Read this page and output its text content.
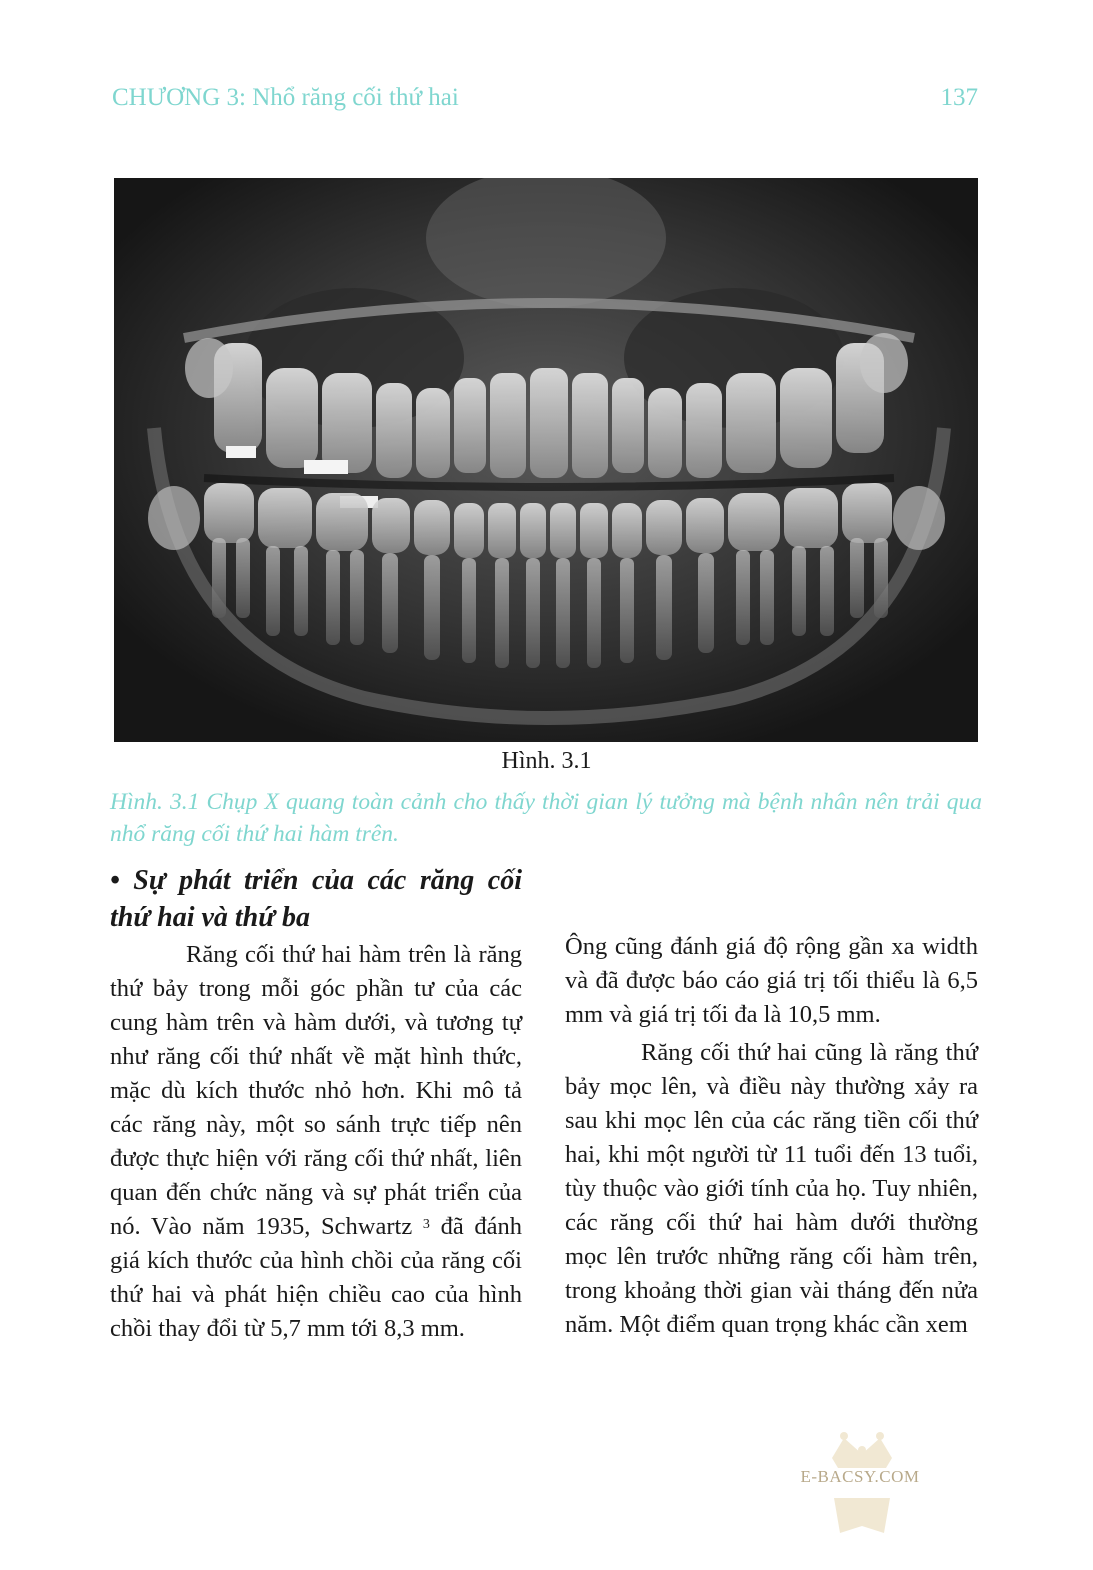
CHƯƠNG 3: Nhổ răng cối thứ hai	137
Hình. 3.1

Hình. 3.1 Chụp X quang toàn cảnh cho thấy thời gian lý tưởng mà bệnh nhân nên trải qua nhổ răng cối thứ hai hàm trên.

• Sự phát triển của các răng cối thứ hai và thứ ba

Răng cối thứ hai hàm trên là răng thứ bảy trong mỗi góc phần tư của các cung hàm trên và hàm dưới, và tương tự như răng cối thứ nhất về mặt hình thức, mặc dù kích thước nhỏ hơn. Khi mô tả các răng này, một so sánh trực tiếp nên được thực hiện với răng cối thứ nhất, liên quan đến chức năng và sự phát triển của nó. Vào năm 1935, Schwartz $^3$ đã đánh giá kích thước của hình chồi của răng cối thứ hai và phát hiện chiều cao của hình chồi thay đổi từ 5,7 mm tới 8,3 mm.

Ông cũng đánh giá độ rộng gần xa width và đã được báo cáo giá trị tối thiểu là 6,5 mm và giá trị tối đa là 10,5 mm.

Răng cối thứ hai cũng là răng thứ bảy mọc lên, và điều này thường xảy ra sau khi mọc lên của các răng tiền cối thứ hai, khi một người từ 11 tuổi đến 13 tuổi, tùy thuộc vào giới tính của họ. Tuy nhiên, các răng cối thứ hai hàm dưới thường mọc lên trước những răng cối hàm trên, trong khoảng thời gian vài tháng đến nửa năm. Một điểm quan trọng khác cần xem

E-BACSY.COM
